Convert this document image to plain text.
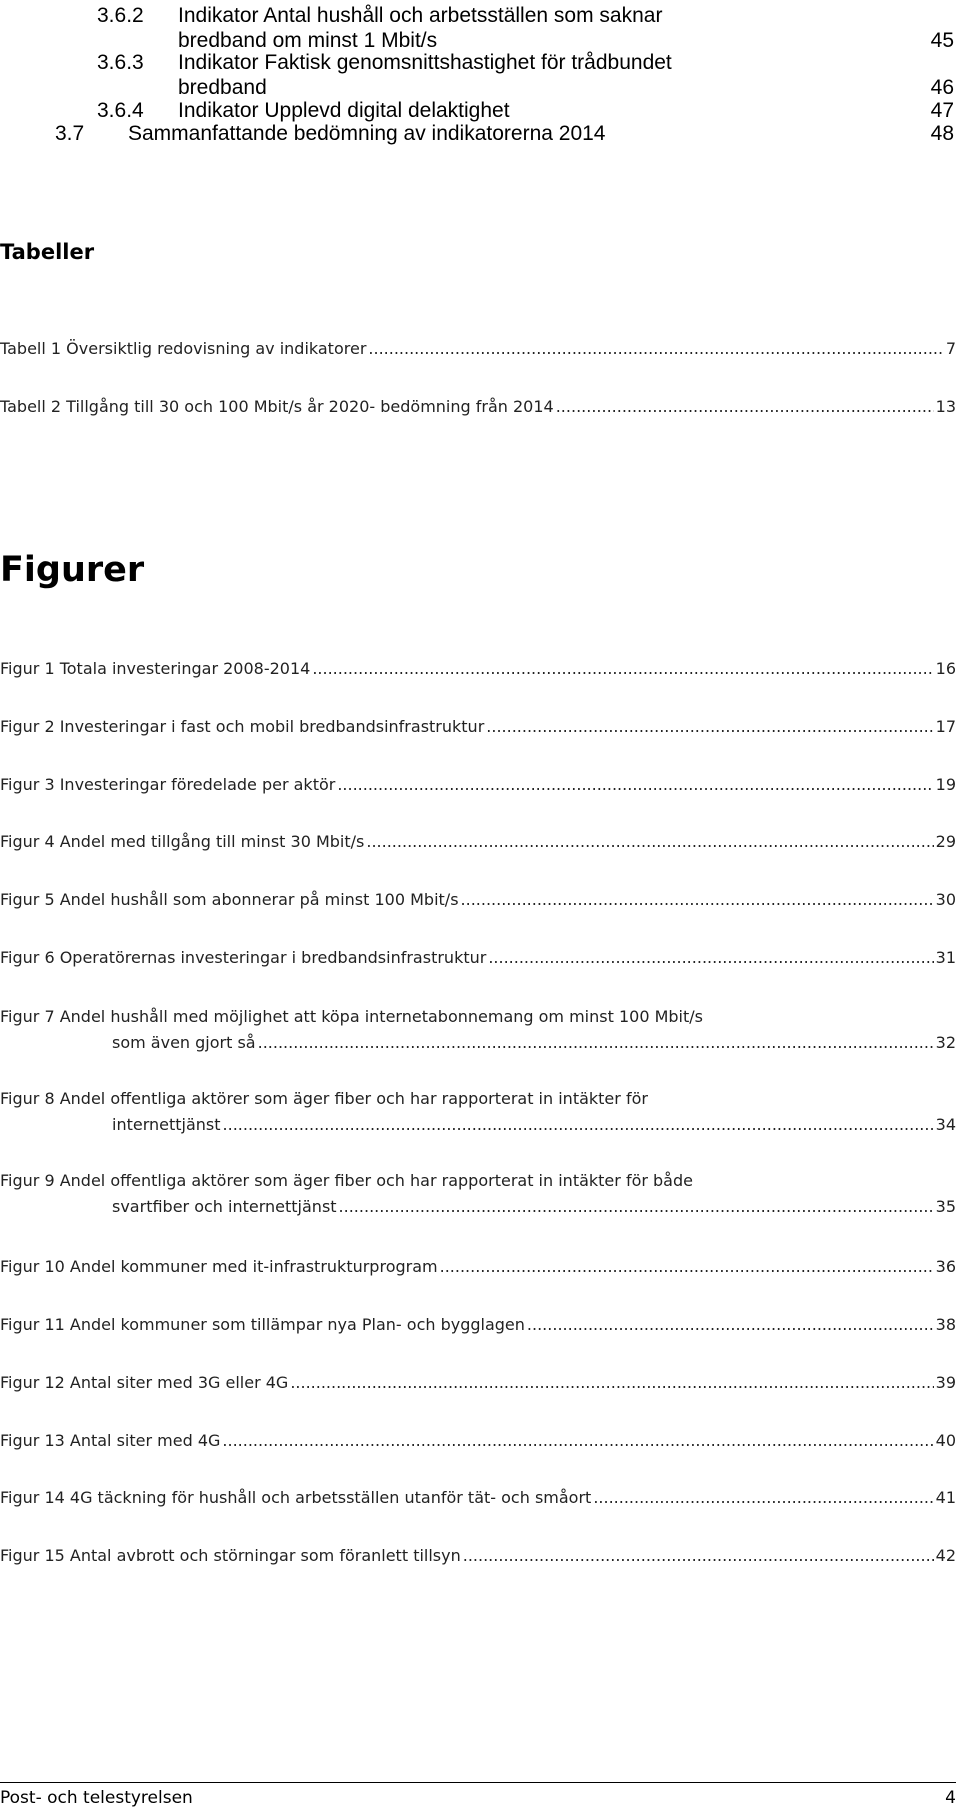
3.6.2 Indikator Antal hushåll och arbetsställen som saknar
bredband om minst 1 Mbit/s	45
3.6.3 Indikator Faktisk genomsnittshastighet för trådbundet
bredband	46
3.6.4 Indikator Upplevd digital delaktighet	47
3.7 Sammanfattande bedömning av indikatorerna 2014	48
Tabeller
Tabell 1 Översiktlig redovisning av indikatorer .....	7
Tabell 2 Tillgång till 30 och 100 Mbit/s år 2020- bedömning från 2014 .....	13
Figurer
Figur 1 Totala investeringar 2008-2014 .....	16
Figur 2 Investeringar i fast och mobil bredbandsinfrastruktur .....	17
Figur 3 Investeringar föredelade per aktör .....	19
Figur 4 Andel med tillgång till minst 30 Mbit/s .....	29
Figur 5 Andel hushåll som abonnerar på minst 100 Mbit/s .....	30
Figur 6 Operatörernas investeringar i bredbandsinfrastruktur .....	31
Figur 7 Andel hushåll med möjlighet att köpa internetabonnemang om minst 100 Mbit/s
som även gjort så .....	32
Figur 8 Andel offentliga aktörer som äger fiber och har rapporterat in intäkter för
internettjänst .....	34
Figur 9 Andel offentliga aktörer som äger fiber och har rapporterat in intäkter för både
svartfiber och internettjänst .....	35
Figur 10 Andel kommuner med it-infrastrukturprogram .....	36
Figur 11 Andel kommuner som tillämpar nya Plan- och bygglagen .....	38
Figur 12 Antal siter med 3G eller 4G .....	39
Figur 13 Antal siter med 4G .....	40
Figur 14 4G täckning för hushåll och arbetsställen utanför tät- och småort .....	41
Figur 15 Antal avbrott och störningar som föranlett tillsyn .....	42
Post- och telestyrelsen	4
